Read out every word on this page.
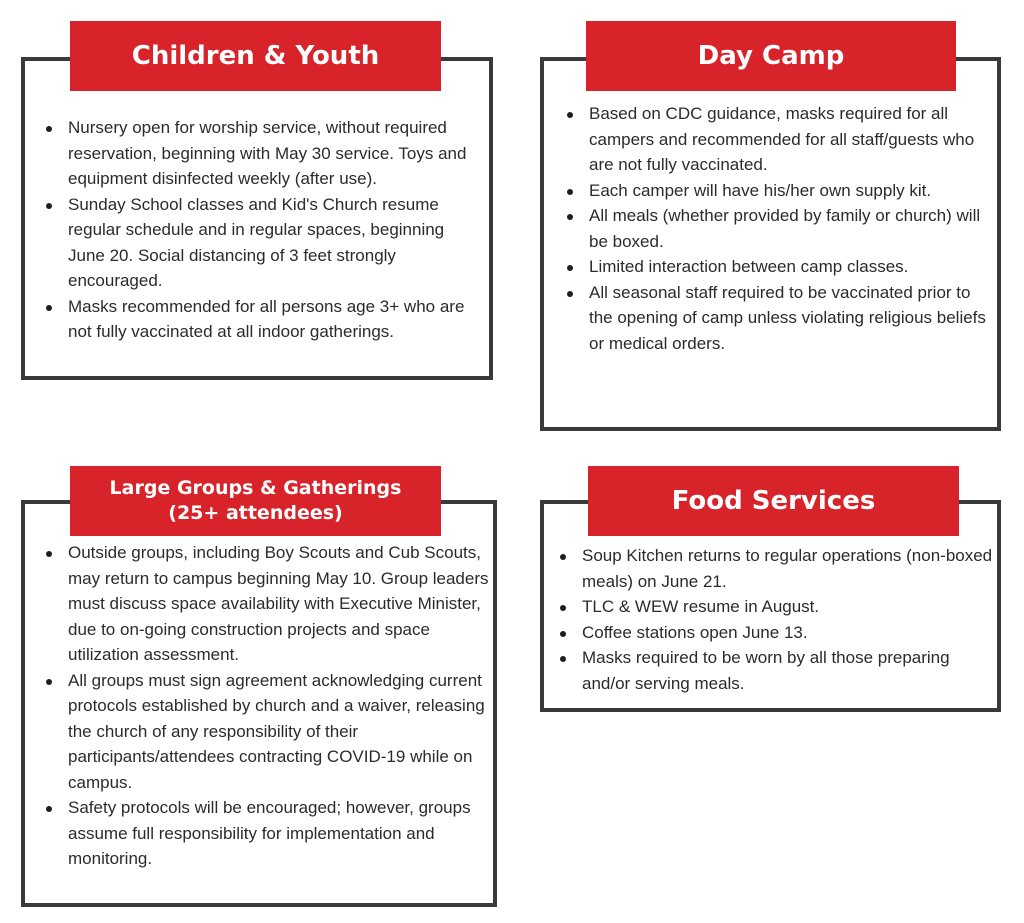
Children & Youth
Nursery open for worship service, without required reservation, beginning with May 30 service. Toys and equipment disinfected weekly (after use).
Sunday School classes and Kid's Church resume regular schedule and in regular spaces, beginning June 20. Social distancing of 3 feet strongly encouraged.
Masks recommended for all persons age 3+ who are not fully vaccinated at all indoor gatherings.
Day Camp
Based on CDC guidance, masks required for all campers and recommended for all staff/guests who are not fully vaccinated.
Each camper will have his/her own supply kit.
All meals (whether provided by family or church) will be boxed.
Limited interaction between camp classes.
All seasonal staff required to be vaccinated prior to the opening of camp unless violating religious beliefs or medical orders.
Large Groups & Gatherings
(25+ attendees)
Outside groups, including Boy Scouts and Cub Scouts, may return to campus beginning May 10. Group leaders must discuss space availability with Executive Minister, due to on-going construction projects and space utilization assessment.
All groups must sign agreement acknowledging current protocols established by church and a waiver, releasing the church of any responsibility of their participants/attendees contracting COVID-19 while on campus.
Safety protocols will be encouraged; however, groups assume full responsibility for implementation and monitoring.
Food Services
Soup Kitchen returns to regular operations (non-boxed meals) on June 21.
TLC & WEW resume in August.
Coffee stations open June 13.
Masks required to be worn by all those preparing and/or serving meals.
